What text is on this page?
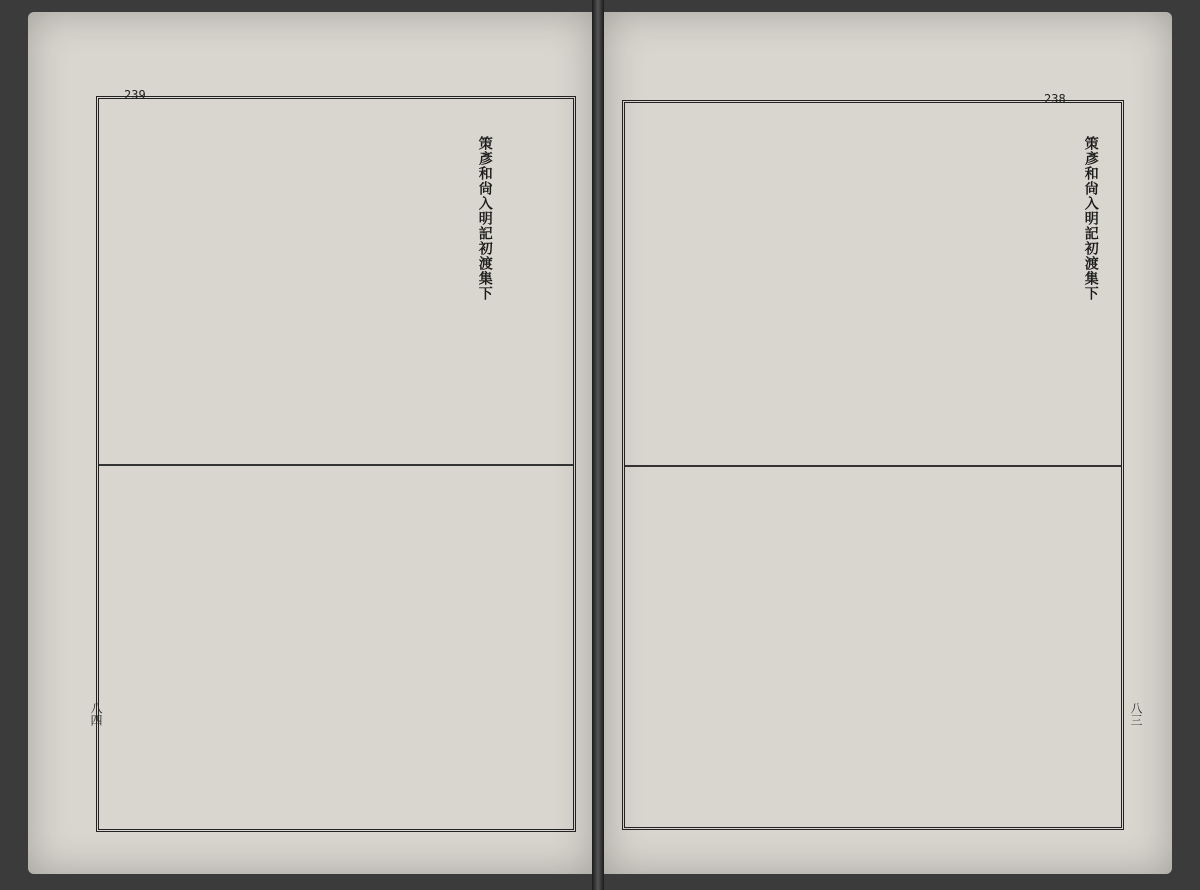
239
策彥和尙入明記初渡集下
八四
238
策彥和尙入明記初渡集下
八三
